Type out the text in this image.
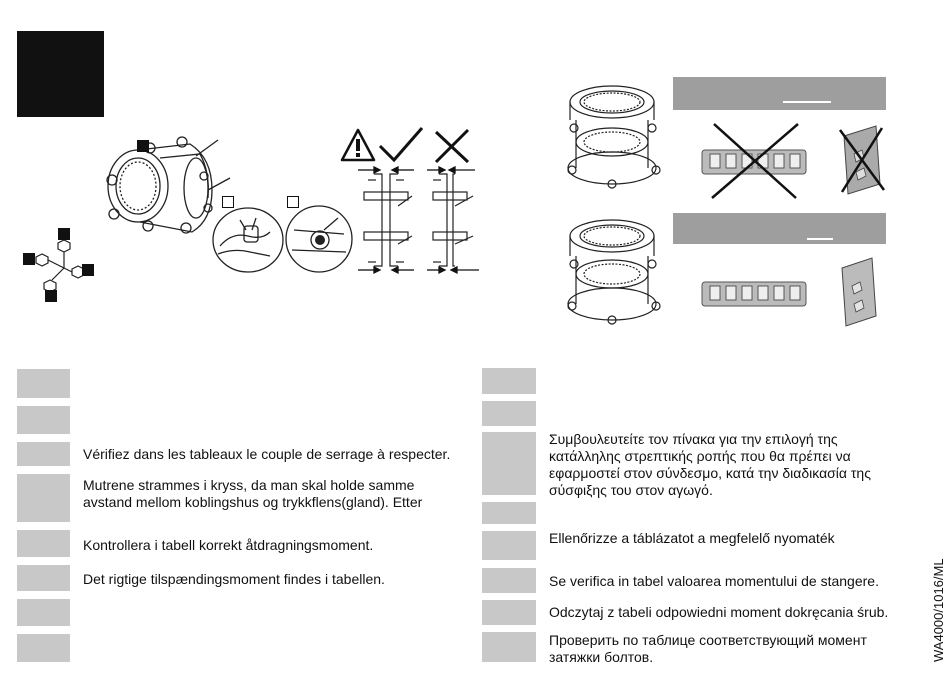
Vérifiez dans les tableaux le couple de serrage à respecter.

Mutrene strammes i kryss, da man skal holde samme avstand mellom koblingshus og trykkflens(gland). Etter

Kontrollera i tabell korrekt åtdragningsmoment.

Det rigtige tilspændingsmoment findes i tabellen.

Συμβουλευτείτε τον πίνακα για την επιλογή της κατάλληλης στρεπτικής ροπής που θα πρέπει να εφαρμοστεί στον σύνδεσμο, κατά την διαδικασία της σύσφιξης του στον αγωγό.

Ellenőrizze a táblázatot a megfelelő nyomaték

Se verifica in tabel valoarea momentului de stangere.

Odczytaj z tabeli odpowiedni moment dokręcania śrub.

Проверить по таблице соответствующий момент затяжки болтов.	WA4000/1016/ML
